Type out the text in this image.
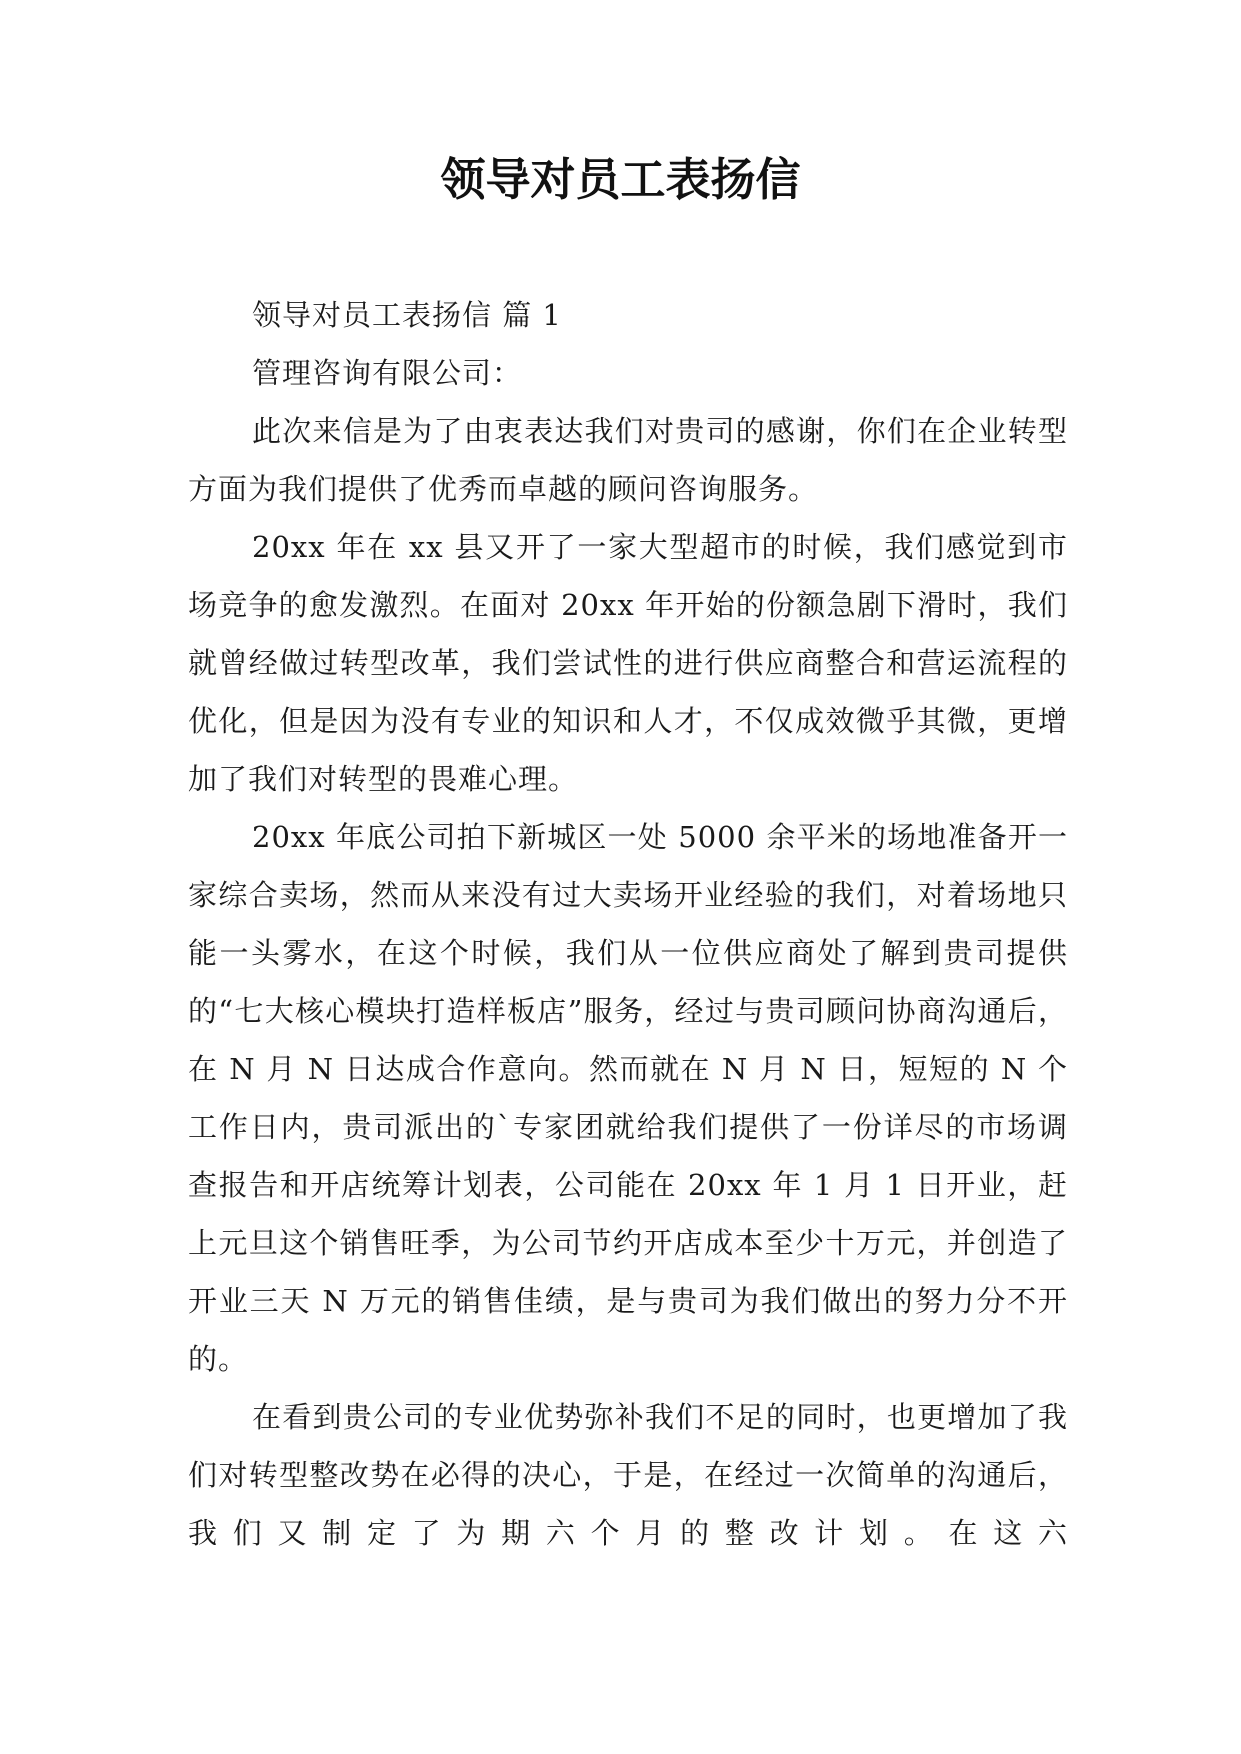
领导对员工表扬信

领导对员工表扬信 篇 1

管理咨询有限公司：

此次来信是为了由衷表达我们对贵司的感谢，你们在企业转型方面为我们提供了优秀而卓越的顾问咨询服务。

20xx 年在 xx 县又开了一家大型超市的时候，我们感觉到市场竞争的愈发激烈。在面对 20xx 年开始的份额急剧下滑时，我们就曾经做过转型改革，我们尝试性的进行供应商整合和营运流程的优化，但是因为没有专业的知识和人才，不仅成效微乎其微，更增加了我们对转型的畏难心理。

20xx 年底公司拍下新城区一处 5000 余平米的场地准备开一家综合卖场，然而从来没有过大卖场开业经验的我们，对着场地只能一头雾水，在这个时候，我们从一位供应商处了解到贵司提供的“七大核心模块打造样板店”服务，经过与贵司顾问协商沟通后，在 N 月 N 日达成合作意向。然而就在 N 月 N 日，短短的 N 个工作日内，贵司派出的`专家团就给我们提供了一份详尽的市场调查报告和开店统筹计划表，公司能在 20xx 年 1 月 1 日开业，赶上元旦这个销售旺季，为公司节约开店成本至少十万元，并创造了开业三天 N 万元的销售佳绩，是与贵司为我们做出的努力分不开的。

在看到贵公司的专业优势弥补我们不足的同时，也更增加了我们对转型整改势在必得的决心，于是，在经过一次简单的沟通后，我们又制定了为期六个月的整改计划。在这六
